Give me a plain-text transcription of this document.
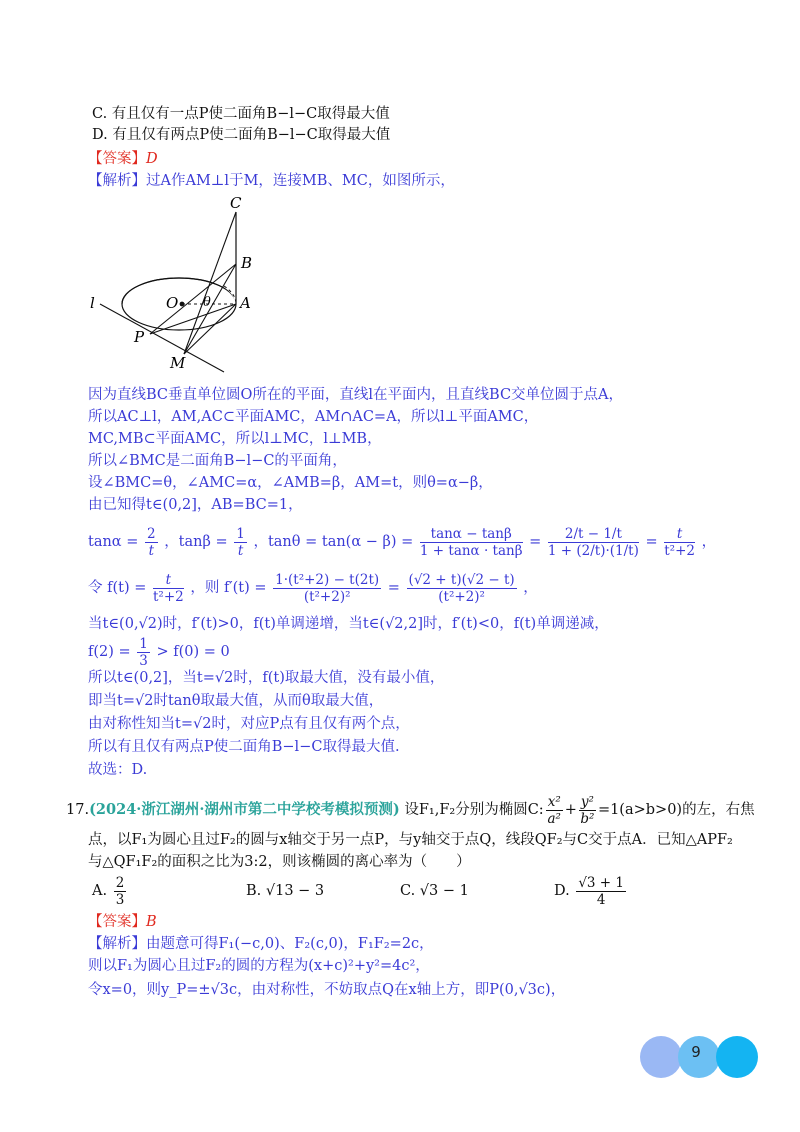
C. 有且仅有一点P使二面角B−l−C取得最大值
D. 有且仅有两点P使二面角B−l−C取得最大值
【答案】D
【解析】过A作AM⊥l于M，连接MB、MC，如图所示，
C
B
O θ A
l
P
M
因为直线BC垂直单位圆O所在的平面，直线l在平面内，且直线BC交单位圆于点A，
所以AC⊥l，AM,AC⊂平面AMC，AM∩AC=A，所以l⊥平面AMC，
MC,MB⊂平面AMC，所以l⊥MC，l⊥MB，
所以∠BMC是二面角B−l−C的平面角，
设∠BMC=θ，∠AMC=α，∠AMB=β，AM=t，则θ=α−β，
由已知得t∈(0,2]，AB=BC=1，
$\tan\alpha = \frac{2}{t}$ ，$\tan\beta = \frac{1}{t}$ ，$\tan\theta = \tan(\alpha - \beta) = \frac{\tan\alpha - \tan\beta}{1 + \tan\alpha \cdot \tan\beta} = \frac{2/t - 1/t}{1 + (2/t)\cdot(1/t)} = \frac{t}{\text{t²+2}}$ ，
令 $f(t) = \frac{t}{\text{t²+2}}$ ，则 $f'(t) = \frac{\text{1·(t²+2) − t(2t)}}{\text{(t²+2)²}} = \frac{(√2 + t)(√2 - t)}{\text{(t²+2)²}}$ ，
当t∈(0,√2)时，f′(t)>0，f(t)单调递增，当t∈(√2,2]时，f′(t)<0，f(t)单调递减，
$f(2) = \frac{1}{3} > f(0) = 0$
所以t∈(0,2]，当t=√2时，f(t)取最大值，没有最小值，
即当t=√2时tanθ取最大值，从而θ取最大值，
由对称性知当t=√2时，对应P点有且仅有两个点，
所以有且仅有两点P使二面角B−l−C取得最大值.
故选：D.
17.(2024·浙江湖州·湖州市第二中学校考模拟预测) 设F₁,F₂分别为椭圆C: $\frac{\text{x²}}{\text{a²}} + \frac{\text{y²}}{\text{b²}} =1(a>b>0)$的左，右焦
点，以F₁为圆心且过F₂的圆与x轴交于另一点P，与y轴交于点Q，线段QF₂与C交于点A．已知△APF₂
与△QF₁F₂的面积之比为3:2，则该椭圆的离心率为（　　）
A. $\frac{2}{3}$	B. √13 − 3	C. √3 − 1	D. $\frac{√3 + 1}{4}$
【答案】B
【解析】由题意可得F₁(−c,0)、F₂(c,0)，F₁F₂=2c，
则以F₁为圆心且过F₂的圆的方程为(x+c)²+y²=4c²，
令x=0，则y_P=±√3c，由对称性，不妨取点Q在x轴上方，即P(0,√3c)，
9
